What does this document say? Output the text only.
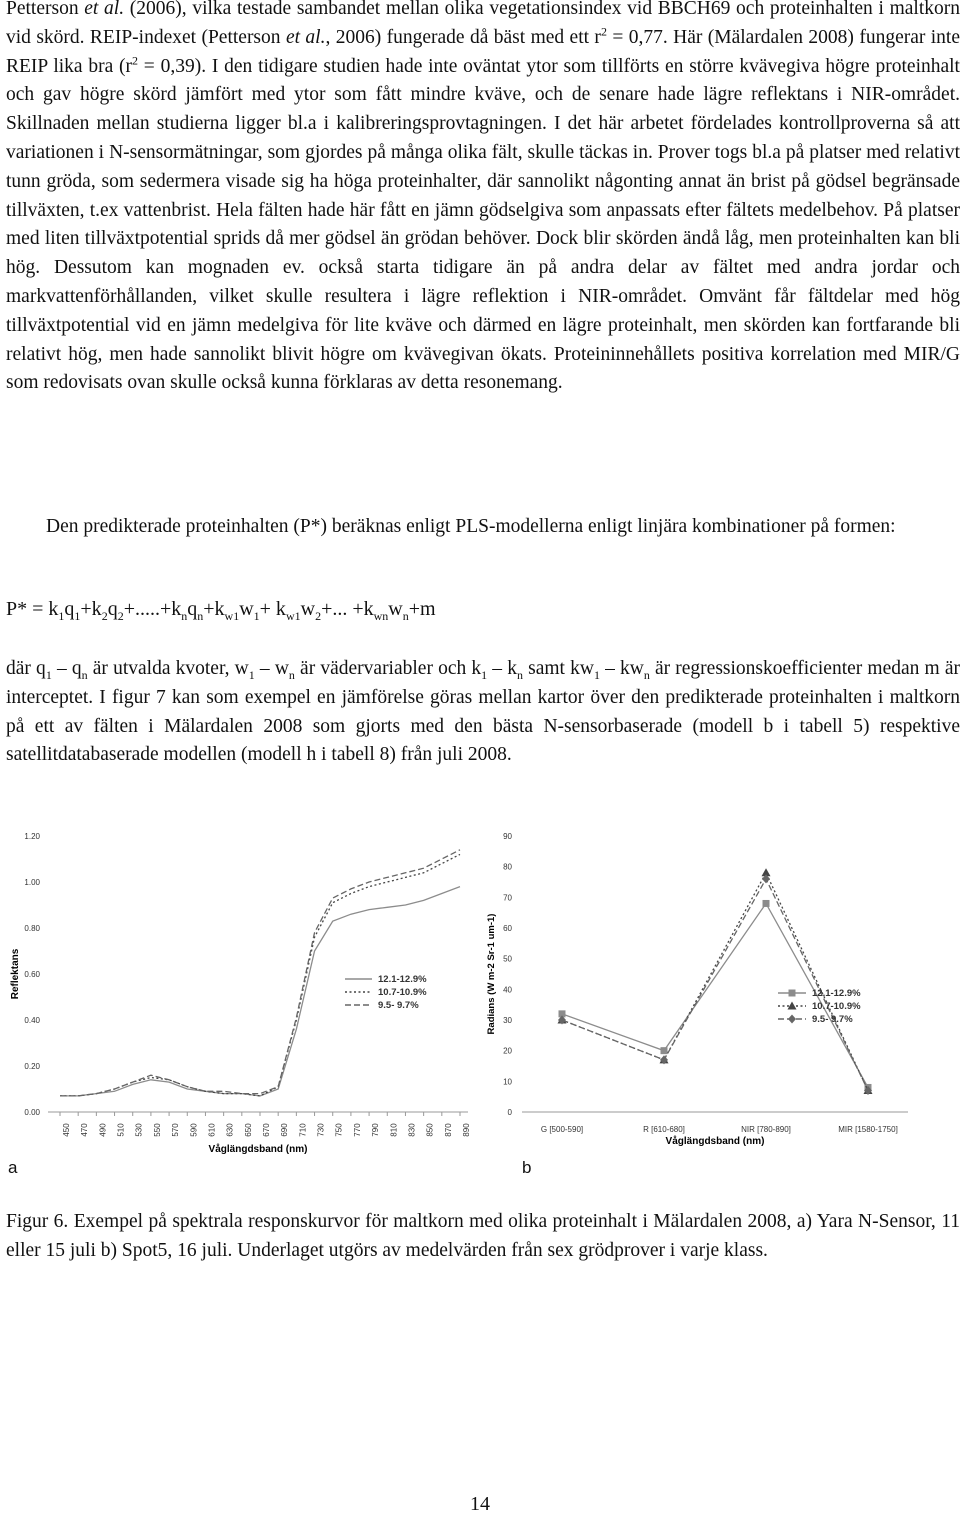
Petterson et al. (2006), vilka testade sambandet mellan olika vegetationsindex vid BBCH69 och proteinhalten i maltkorn vid skörd. REIP-indexet (Petterson et al., 2006) fungerade då bäst med ett $r^2 = 0,77$. Här (Mälardalen 2008) fungerar inte REIP lika bra $(r^2 = 0,39)$. I den tidigare studien hade inte oväntat ytor som tillförts en större kvävegiva högre proteinhalt och gav högre skörd jämfört med ytor som fått mindre kväve, och de senare hade lägre reflektans i NIR-området. Skillnaden mellan studierna ligger bl.a i kalibreringsprovtagningen. I det här arbetet fördelades kontrollproverna så att variationen i N-sensormätningar, som gjordes på många olika fält, skulle täckas in. Prover togs bl.a på platser med relativt tunn gröda, som sedermera visade sig ha höga proteinhalter, där sannolikt någonting annat än brist på gödsel begränsade tillväxten, t.ex vattenbrist. Hela fälten hade här fått en jämn gödselgiva som anpassats efter fältets medelbehov. På platser med liten tillväxtpotential sprids då mer gödsel än grödan behöver. Dock blir skörden ändå låg, men proteinhalten kan bli hög. Dessutom kan mognaden ev. också starta tidigare än på andra delar av fältet med andra jordar och markvattenförhållanden, vilket skulle resultera i lägre reflektion i NIR-området. Omvänt får fältdelar med hög tillväxtpotential vid en jämn medelgiva för lite kväve och därmed en lägre proteinhalt, men skörden kan fortfarande bli relativt hög, men hade sannolikt blivit högre om kvävegivan ökats. Proteininnehållets positiva korrelation med MIR/G som redovisats ovan skulle också kunna förklaras av detta resonemang.

Den predikterade proteinhalten (P*) beräknas enligt PLS-modellerna enligt linjära kombinationer på formen:

$P* = k_1q_1+k_2q_2+.....+k_nq_n+k_{w1}w_1+ k_{w1}w_2+$... $+k_{wn}w_n+m$

där $q_1 - q_n$ är utvalda kvoter, $w_1 - w_n$ är vädervariabler och $k_1 - k_n$ samt $kw_1 - kw_n$ är regressionskoefficienter medan m är interceptet. I figur 7 kan som exempel en jämförelse göras mellan kartor över den predikterade proteinhalten i maltkorn på ett av fälten i Mälardalen 2008 som gjorts med den bästa N-sensorbaserade (modell b i tabell 5) respektive satellitdatabaserade modellen (modell h i tabell 8) från juli 2008.

0.00
0.20
0.40
0.60
0.80
1.00
1.20
450 470 490 510 530 550 570 590 610 630 650 670 690 710 730 750 770 790 810 830 850 870 890
Våglängdsband (nm)
Reflektans	12.1-12.9%
10.7-10.9%
9.5- 9.7%
0
10
20
30
40
50
60
70
80
90
G [500-590]	R [610-680]	NIR [780-890]	MIR [1580-1750]
Våglängdsband (nm)
Radians (W m-2 Sr-1 um-1)	12.1-12.9%
10.7-10.9%
9.5- 9.7%
a	b

Figur 6. Exempel på spektrala responskurvor för maltkorn med olika proteinhalt i Mälardalen 2008, a) Yara N-Sensor, 11 eller 15 juli b) Spot5, 16 juli. Underlaget utgörs av medelvärden från sex grödprover i varje klass.

14
